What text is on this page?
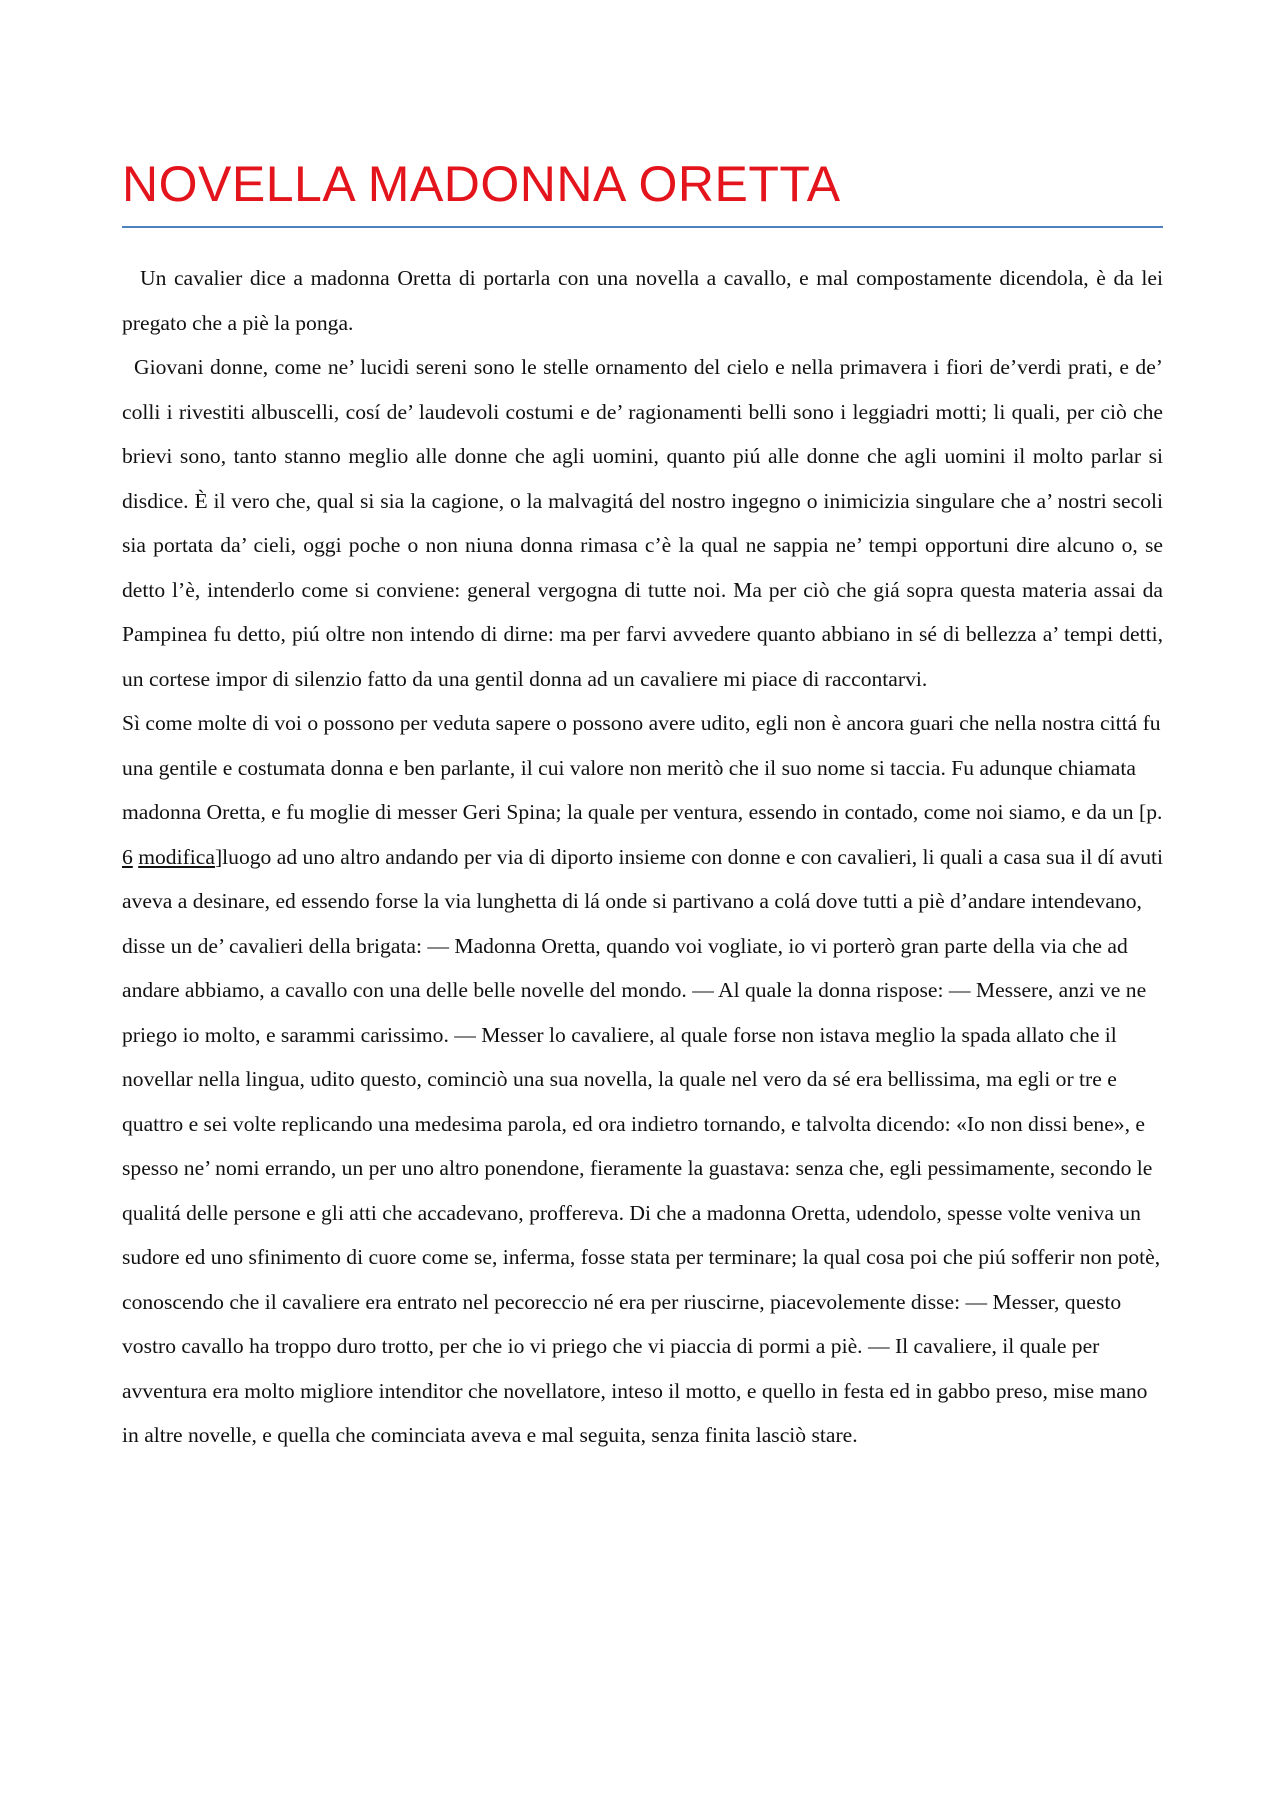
NOVELLA MADONNA ORETTA

Un cavalier dice a madonna Oretta di portarla con una novella a cavallo, e mal compostamente dicendola, è da lei pregato che a piè la ponga.

Giovani donne, come ne’ lucidi sereni sono le stelle ornamento del cielo e nella primavera i fiori de’verdi prati, e de’ colli i rivestiti albuscelli, cosí de’ laudevoli costumi e de’ ragionamenti belli sono i leggiadri motti; li quali, per ciò che brievi sono, tanto stanno meglio alle donne che agli uomini, quanto piú alle donne che agli uomini il molto parlar si disdice. È il vero che, qual si sia la cagione, o la malvagitá del nostro ingegno o inimicizia singulare che a’ nostri secoli sia portata da’ cieli, oggi poche o non niuna donna rimasa c’è la qual ne sappia ne’ tempi opportuni dire alcuno o, se detto l’è, intenderlo come si conviene: general vergogna di tutte noi. Ma per ciò che giá sopra questa materia assai da Pampinea fu detto, piú oltre non intendo di dirne: ma per farvi avvedere quanto abbiano in sé di bellezza a’ tempi detti, un cortese impor di silenzio fatto da una gentil donna ad un cavaliere mi piace di raccontarvi.

Sì come molte di voi o possono per veduta sapere o possono avere udito, egli non è ancora guari che nella nostra cittá fu una gentile e costumata donna e ben parlante, il cui valore non meritò che il suo nome si taccia. Fu adunque chiamata madonna Oretta, e fu moglie di messer Geri Spina; la quale per ventura, essendo in contado, come noi siamo, e da un [p. 6 modifica]luogo ad uno altro andando per via di diporto insieme con donne e con cavalieri, li quali a casa sua il dí avuti aveva a desinare, ed essendo forse la via lunghetta di lá onde si partivano a colá dove tutti a piè d’andare intendevano, disse un de’ cavalieri della brigata: — Madonna Oretta, quando voi vogliate, io vi porterò gran parte della via che ad andare abbiamo, a cavallo con una delle belle novelle del mondo. — Al quale la donna rispose: — Messere, anzi ve ne priego io molto, e sarammi carissimo. — Messer lo cavaliere, al quale forse non istava meglio la spada allato che il novellar nella lingua, udito questo, cominciò una sua novella, la quale nel vero da sé era bellissima, ma egli or tre e quattro e sei volte replicando una medesima parola, ed ora indietro tornando, e talvolta dicendo: «Io non dissi bene», e spesso ne’ nomi errando, un per uno altro ponendone, fieramente la guastava: senza che, egli pessimamente, secondo le qualitá delle persone e gli atti che accadevano, proffereva. Di che a madonna Oretta, udendolo, spesse volte veniva un sudore ed uno sfinimento di cuore come se, inferma, fosse stata per terminare; la qual cosa poi che piú sofferir non potè, conoscendo che il cavaliere era entrato nel pecoreccio né era per riuscirne, piacevolemente disse: — Messer, questo vostro cavallo ha troppo duro trotto, per che io vi priego che vi piaccia di pormi a piè. — Il cavaliere, il quale per avventura era molto migliore intenditor che novellatore, inteso il motto, e quello in festa ed in gabbo preso, mise mano in altre novelle, e quella che cominciata aveva e mal seguita, senza finita lasciò stare.
